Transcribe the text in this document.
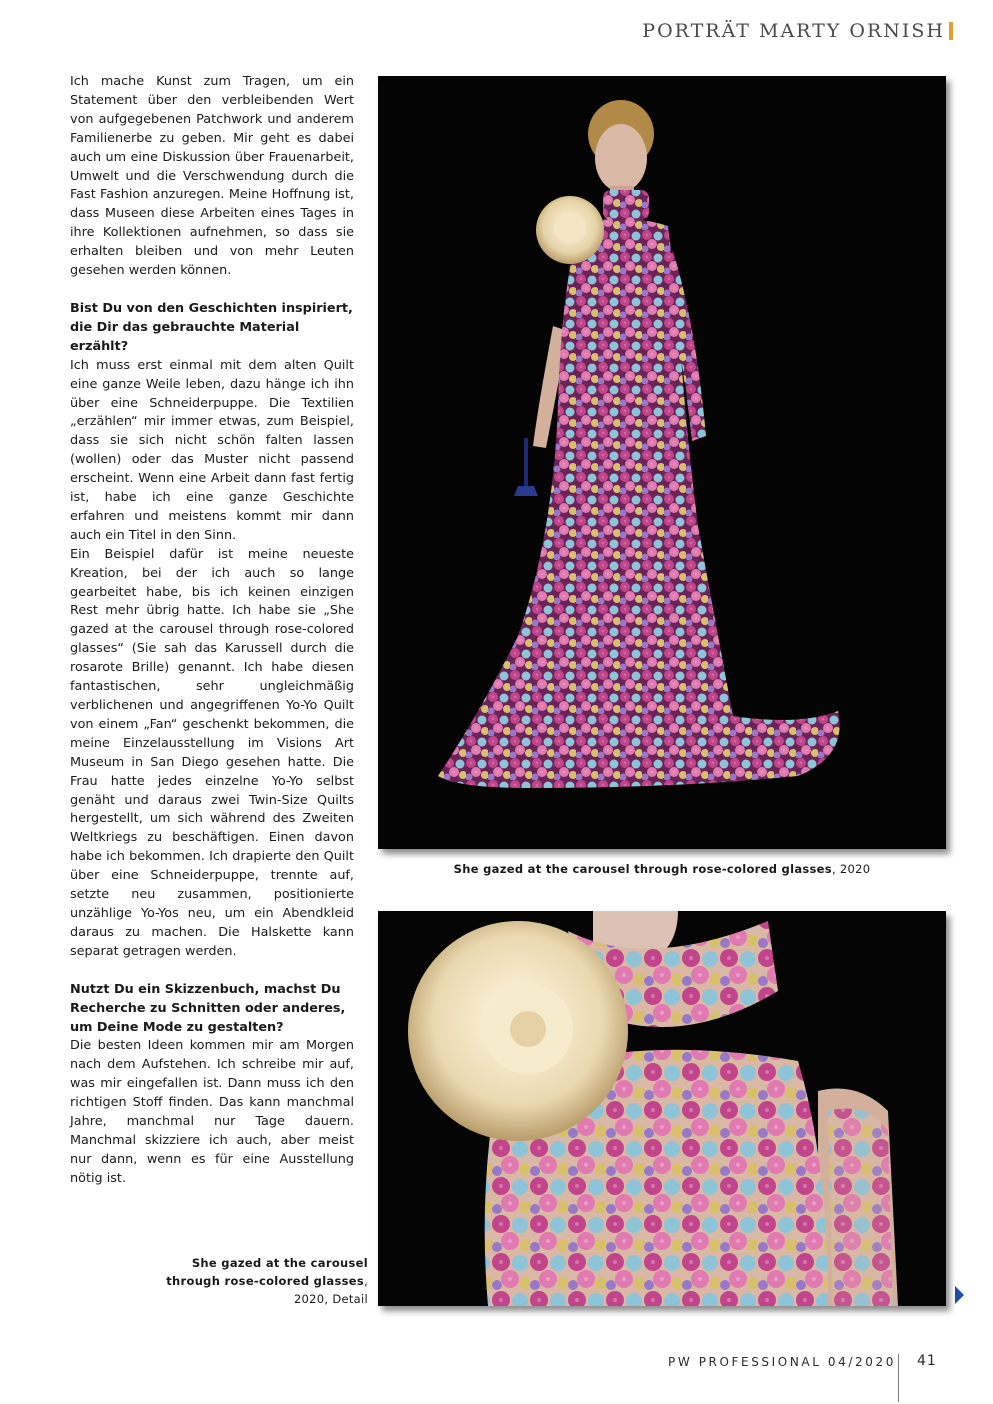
PORTRÄT MARTY ORNISH

Ich mache Kunst zum Tragen, um ein Statement über den verbleibenden Wert von aufgegebenen Patchwork und anderem Familienerbe zu geben. Mir geht es dabei auch um eine Diskussion über Frauenarbeit, Umwelt und die Verschwendung durch die Fast Fashion anzuregen. Meine Hoffnung ist, dass Museen diese Arbeiten eines Tages in ihre Kollektionen aufnehmen, so dass sie erhalten bleiben und von mehr Leuten gesehen werden können.

Bist Du von den Geschichten inspiriert, die Dir das gebrauchte Material erzählt?

Ich muss erst einmal mit dem alten Quilt eine ganze Weile leben, dazu hänge ich ihn über eine Schneiderpuppe. Die Textilien „erzählen“ mir immer etwas, zum Beispiel, dass sie sich nicht schön falten lassen (wollen) oder das Muster nicht passend erscheint. Wenn eine Arbeit dann fast fertig ist, habe ich eine ganze Geschichte erfahren und meistens kommt mir dann auch ein Titel in den Sinn.

Ein Beispiel dafür ist meine neueste Kreation, bei der ich auch so lange gearbeitet habe, bis ich keinen einzigen Rest mehr übrig hatte. Ich habe sie „She gazed at the carousel through rose-colored glasses“ (Sie sah das Karussell durch die rosarote Brille) genannt. Ich habe diesen fantastischen, sehr ungleichmäßig verblichenen und angegriffenen Yo-Yo Quilt von einem „Fan“ geschenkt bekommen, die meine Einzelausstellung im Visions Art Museum in San Diego gesehen hatte. Die Frau hatte jedes einzelne Yo-Yo selbst genäht und daraus zwei Twin-Size Quilts hergestellt, um sich während des Zweiten Weltkriegs zu beschäftigen. Einen davon habe ich bekommen. Ich drapierte den Quilt über eine Schneiderpuppe, trennte auf, setzte neu zusammen, positionierte unzählige Yo-Yos neu, um ein Abendkleid daraus zu machen. Die Halskette kann separat getragen werden.

Nutzt Du ein Skizzenbuch, machst Du Recherche zu Schnitten oder anderes, um Deine Mode zu gestalten?

Die besten Ideen kommen mir am Morgen nach dem Aufstehen. Ich schreibe mir auf, was mir eingefallen ist. Dann muss ich den richtigen Stoff finden. Das kann manchmal Jahre, manchmal nur Tage dauern. Manchmal skizziere ich auch, aber meist nur dann, wenn es für eine Ausstellung nötig ist.

She gazed at the carousel through rose-colored glasses, 2020
She gazed at the carousel
through rose-colored glasses,
2020, Detail
PW PROFESSIONAL 04/2020 41
